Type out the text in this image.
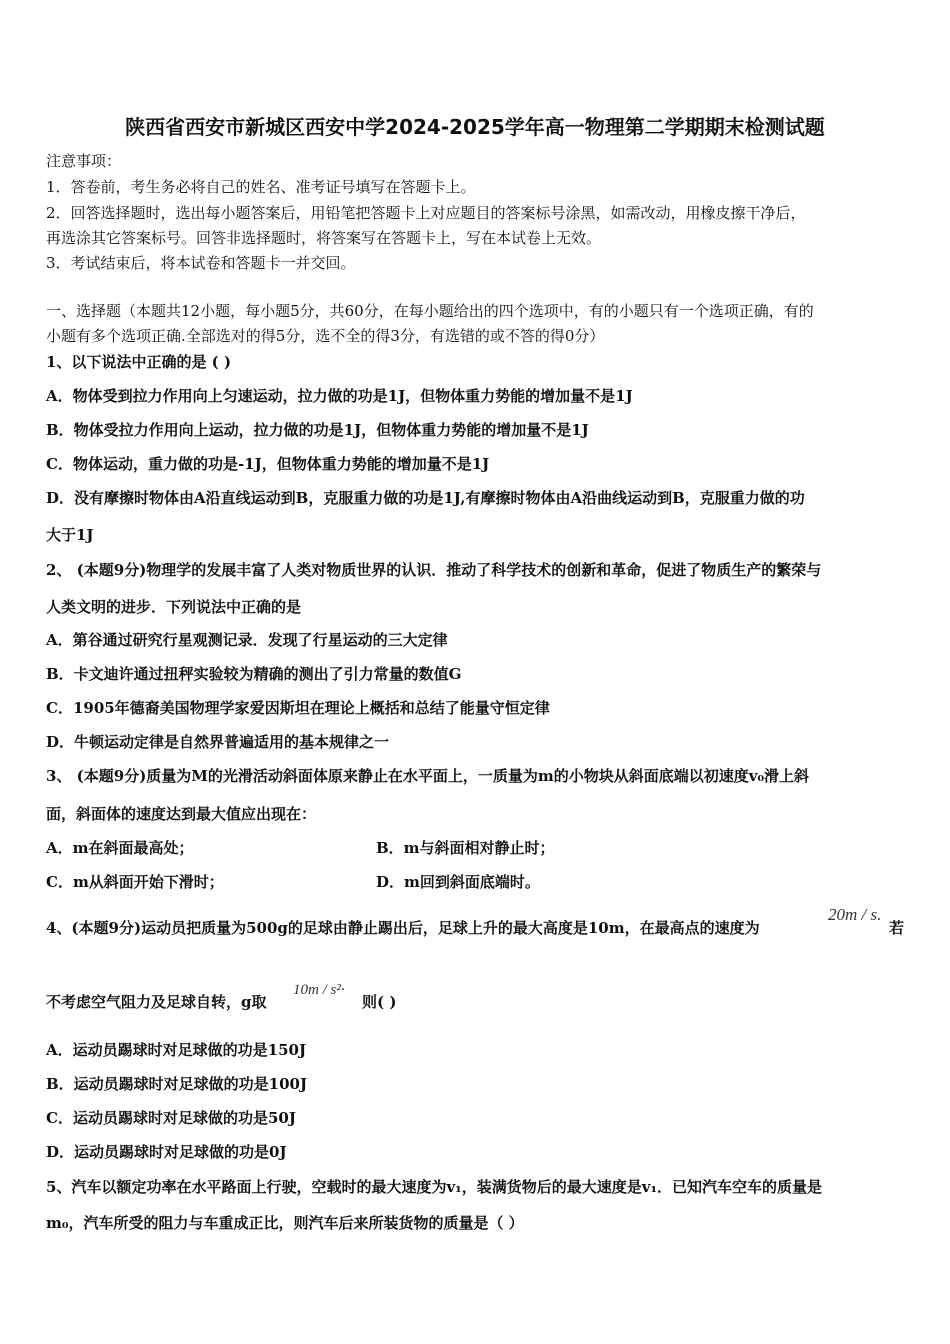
陕西省西安市新城区西安中学2024-2025学年高一物理第二学期期末检测试题
注意事项：
1．答卷前，考生务必将自己的姓名、准考证号填写在答题卡上。
2．回答选择题时，选出每小题答案后，用铅笔把答题卡上对应题目的答案标号涂黑，如需改动，用橡皮擦干净后，
再选涂其它答案标号。回答非选择题时，将答案写在答题卡上，写在本试卷上无效。
3．考试结束后，将本试卷和答题卡一并交回。
一、选择题（本题共12小题，每小题5分，共60分，在每小题给出的四个选项中，有的小题只有一个选项正确，有的
小题有多个选项正确.全部选对的得5分，选不全的得3分，有选错的或不答的得0分）
1、以下说法中正确的是 ( )
A．物体受到拉力作用向上匀速运动，拉力做的功是1J，但物体重力势能的增加量不是1J
B．物体受拉力作用向上运动，拉力做的功是1J，但物体重力势能的增加量不是1J
C．物体运动，重力做的功是-1J，但物体重力势能的增加量不是1J
D．没有摩擦时物体由A沿直线运动到B，克服重力做的功是1J,有摩擦时物体由A沿曲线运动到B，克服重力做的功
大于1J
2、 (本题9分)物理学的发展丰富了人类对物质世界的认识．推动了科学技术的创新和革命，促进了物质生产的繁荣与
人类文明的进步．下列说法中正确的是
A．第谷通过研究行星观测记录．发现了行星运动的三大定律
B．卡文迪许通过扭秤实验较为精确的测出了引力常量的数值G
C．1905年德裔美国物理学家爱因斯坦在理论上概括和总结了能量守恒定律
D．牛顿运动定律是自然界普遍适用的基本规律之一
3、 (本题9分)质量为M的光滑活动斜面体原来静止在水平面上，一质量为m的小物块从斜面底端以初速度v₀滑上斜
面，斜面体的速度达到最大值应出现在：
A．m在斜面最高处；	B．m与斜面相对静止时；
C．m从斜面开始下滑时；	D．m回到斜面底端时。
4、(本题9分)运动员把质量为500g的足球由静止踢出后，足球上升的最大高度是10m，在最高点的速度为
20m / s.
若
不考虑空气阻力及足球自转，g取
10m / s²·
则( )
A．运动员踢球时对足球做的功是150J
B．运动员踢球时对足球做的功是100J
C．运动员踢球时对足球做的功是50J
D．运动员踢球时对足球做的功是0J
5、汽车以额定功率在水平路面上行驶，空载时的最大速度为v₁，装满货物后的最大速度是v₁．已知汽车空车的质量是
m₀，汽车所受的阻力与车重成正比，则汽车后来所装货物的质量是（ ）
